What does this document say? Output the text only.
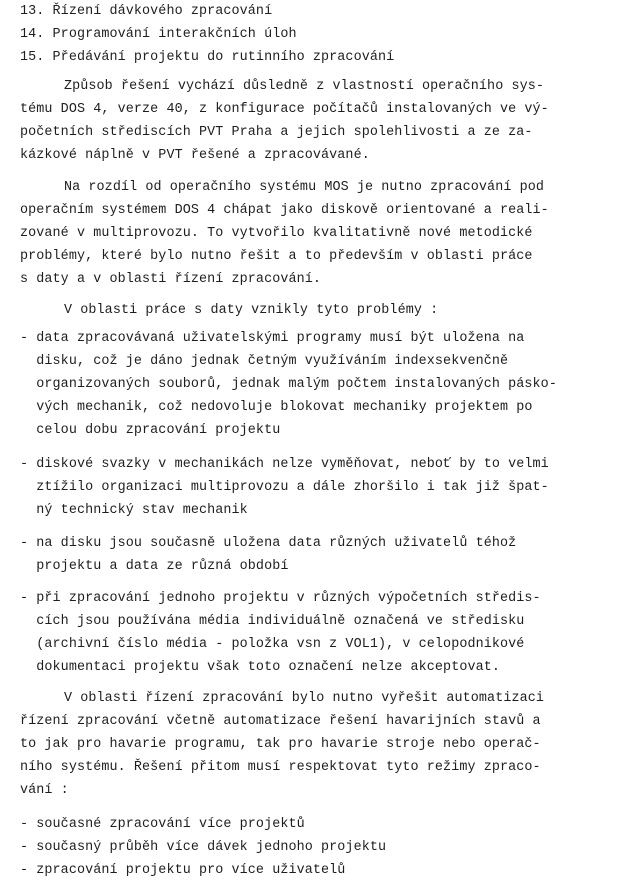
13. Řízení dávkového zpracování
14. Programování interakčních úloh
15. Předávání projektu do rutinního zpracování
Způsob řešení vychází důsledně z vlastností operačního sys-
tému DOS 4, verze 40, z konfigurace počítačů instalovaných ve vý-
početních střediscích PVT Praha a jejich spolehlivosti a ze za-
kázkové náplně v PVT řešené a zpracovávané.
Na rozdíl od operačního systému MOS je nutno zpracování pod
operačním systémem DOS 4 chápat jako diskově orientované a reali-
zované v multiprovozu. To vytvořilo kvalitativně nové metodické
problémy, které bylo nutno řešit a to především v oblasti práce
s daty a v oblasti řízení zpracování.
V oblasti práce s daty vznikly tyto problémy :
- data zpracovávaná uživatelskými programy musí být uložena na
disku, což je dáno jednak četným využíváním indexsekvenčně
organizovaných souborů, jednak malým počtem instalovaných pásko-
vých mechanik, což nedovoluje blokovat mechaniky projektem po
celou dobu zpracování projektu
- diskové svazky v mechanikách nelze vyměňovat, neboť by to velmi
ztížilo organizaci multiprovozu a dále zhoršilo i tak již špat-
ný technický stav mechanik
- na disku jsou současně uložena data různých uživatelů téhož
projektu a data ze různá období
- při zpracování jednoho projektu v různých výpočetních středis-
cích jsou používána média individuálně označená ve středisku
(archivní číslo média - položka vsn z VOL1), v celopodnikové
dokumentaci projektu však toto označení nelze akceptovat.
V oblasti řízení zpracování bylo nutno vyřešit automatizaci
řízení zpracování včetně automatizace řešení havarijních stavů a
to jak pro havarie programu, tak pro havarie stroje nebo operač-
ního systému. Řešení přitom musí respektovat tyto režimy zpraco-
vání :
- současné zpracování více projektů
- současný průběh více dávek jednoho projektu
- zpracování projektu pro více uživatelů
